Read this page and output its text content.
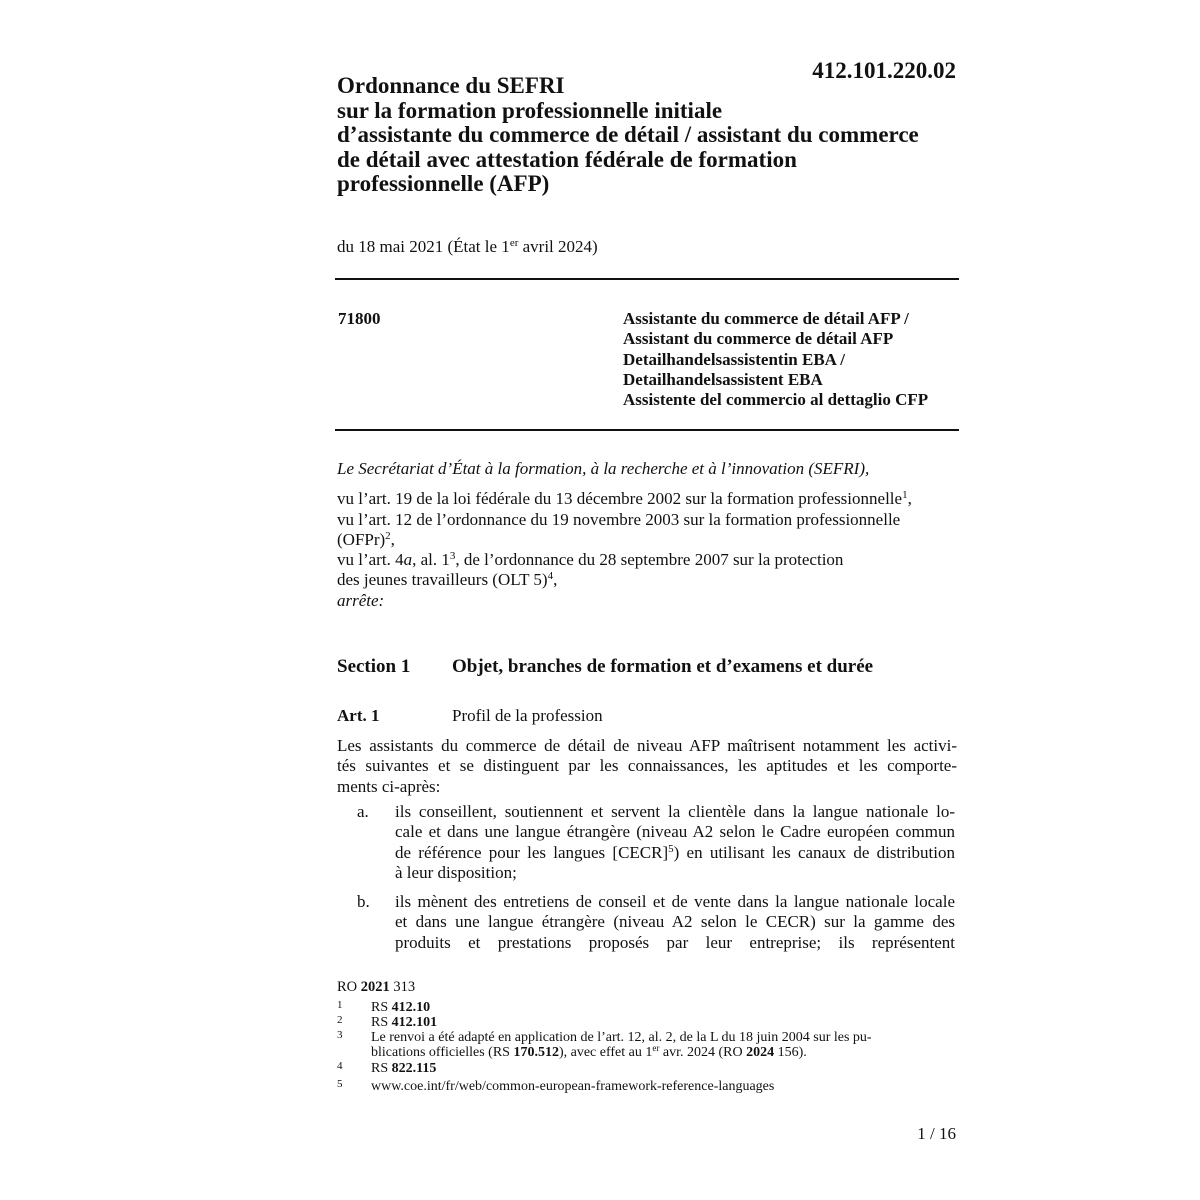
412.101.220.02
Ordonnance du SEFRI
sur la formation professionnelle initiale
d’assistante du commerce de détail / assistant du commerce
de détail avec attestation fédérale de formation
professionnelle (AFP)
du 18 mai 2021 (État le 1er avril 2024)
71800	Assistante du commerce de détail AFP /
Assistant du commerce de détail AFP
Detailhandelsassistentin EBA /
Detailhandelsassistent EBA
Assistente del commercio al dettaglio CFP
Le Secrétariat d’État à la formation, à la recherche et à l’innovation (SEFRI),
vu l’art. 19 de la loi fédérale du 13 décembre 2002 sur la formation professionnelle$^1$,
vu l’art. 12 de l’ordonnance du 19 novembre 2003 sur la formation professionnelle
(OFPr)$^2$,
vu l’art. 4a, al. $1^3$, de l’ordonnance du 28 septembre 2007 sur la protection
des jeunes travailleurs (OLT 5)$^4$,
arrête:
Section 1 Objet, branches de formation et d’examens et durée
Art. 1	Profil de la profession
Les assistants du commerce de détail de niveau AFP maîtrisent notamment les activi-
tés suivantes et se distinguent par les connaissances, les aptitudes et les comporte-
ments ci-après:
a. ils conseillent, soutiennent et servent la clientèle dans la langue nationale lo-
cale et dans une langue étrangère (niveau A2 selon le Cadre européen commun
de référence pour les langues [CECR]$^5$) en utilisant les canaux de distribution
à leur disposition;
b. ils mènent des entretiens de conseil et de vente dans la langue nationale locale
et dans une langue étrangère (niveau A2 selon le CECR) sur la gamme des
produits et prestations proposés par leur entreprise; ils représentent
RO 2021 313
1 RS 412.10
2 RS 412.101
3 Le renvoi a été adapté en application de l’art. 12, al. 2, de la L du 18 juin 2004 sur les pu-
blications officielles (RS 170.512), avec effet au 1er avr. 2024 (RO 2024 156).
4 RS 822.115
5 www.coe.int/fr/web/common-european-framework-reference-languages
1 / 16
